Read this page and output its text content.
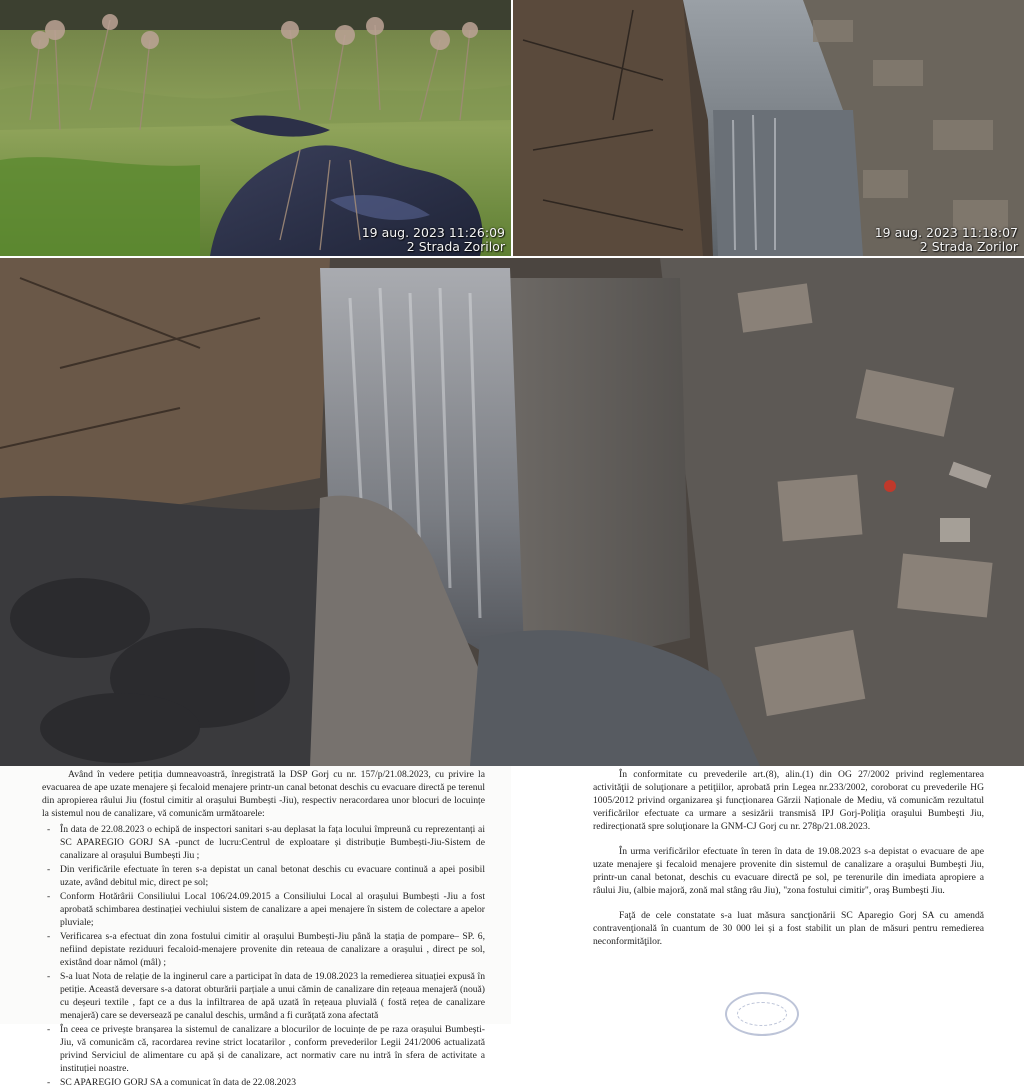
19 aug. 2023 11:26:09
2 Strada Zorilor
19 aug. 2023 11:18:07
2 Strada Zorilor

Având în vedere petiția dumneavoastră, înregistrată la DSP Gorj cu nr. 157/p/21.08.2023, cu privire la evacuarea de ape uzate menajere și fecaloid menajere printr-un canal betonat deschis cu evacuare directă pe terenul din apropierea râului Jiu (fostul cimitir al orașului Bumbești -Jiu), respectiv neracordarea unor blocuri de locuințe la sistemul nou de canalizare, vă comunicăm următoarele:

- În data de 22.08.2023 o echipă de inspectori sanitari s-au deplasat la fața locului împreună cu reprezentanți ai SC APAREGIO GORJ SA -punct de lucru:Centrul de exploatare și distribuție Bumbești-Jiu-Sistem de canalizare al orașului Bumbești Jiu ;
- Din verificările efectuate în teren s-a depistat un canal betonat deschis cu evacuare continuă a apei posibil uzate, având debitul mic, direct pe sol;
- Conform Hotărârii Consiliului Local 106/24.09.2015 a Consiliului Local al orașului Bumbești -Jiu a fost aprobată schimbarea destinației vechiului sistem de canalizare a apei menajere în sistem de colectare a apelor pluviale;
- Verificarea s-a efectuat din zona fostului cimitir al orașului Bumbești-Jiu până la stația de pompare– SP. 6, nefiind depistate reziduuri fecaloid-menajere provenite din reteaua de canalizare a orașului , direct pe sol, existând doar nămol (mâl) ;
- S-a luat Nota de relație de la inginerul care a participat în data de 19.08.2023 la remedierea situației expusă în petiție. Această deversare s-a datorat obturării parțiale a unui cămin de canalizare din rețeaua menajeră (nouă) cu deșeuri textile , fapt ce a dus la infiltrarea de apă uzată în rețeaua pluvială ( fostă rețea de canalizare menajeră) care se deversează pe canalul deschis, urmând a fi curățată zona afectată
- În ceea ce privește branșarea la sistemul de canalizare a blocurilor de locuințe de pe raza orașului Bumbești-Jiu, vă comunicăm că, racordarea revine strict locatarilor , conform prevederilor Legii 241/2006 actualizată privind Serviciul de alimentare cu apă și de canalizare, act normativ care nu intră în sfera de activitate a instituției noastre.
- SC APAREGIO GORJ SA a comunicat în data de 22.08.2023

În conformitate cu prevederile art.(8), alin.(1) din OG 27/2002 privind reglementarea activităţii de soluţionare a petiţiilor, aprobată prin Legea nr.233/2002, coroborat cu prevederile HG 1005/2012 privind organizarea şi funcționarea Gărzii Naționale de Mediu, vă comunicăm rezultatul verificărilor efectuate ca urmare a sesizării transmisă IPJ Gorj-Poliţia oraşului Bumbeşti Jiu, redirecționată spre soluţionare la GNM-CJ Gorj cu nr. 278p/21.08.2023.

În urma verificărilor efectuate în teren în data de 19.08.2023 s-a depistat o evacuare de ape uzate menajere şi fecaloid menajere provenite din sistemul de canalizare a oraşului Bumbeşti Jiu, printr-un canal betonat, deschis cu evacuare directă pe sol, pe terenurile din imediata apropiere a râului Jiu, (albie majoră, zonă mal stâng râu Jiu), "zona fostului cimitir", oraş Bumbeşti Jiu.

Faţă de cele constatate s-a luat măsura sancţionării SC Aparegio Gorj SA cu amendă contravenţională în cuantum de 30 000 lei și a fost stabilit un plan de măsuri pentru remedierea neconformităţilor.
